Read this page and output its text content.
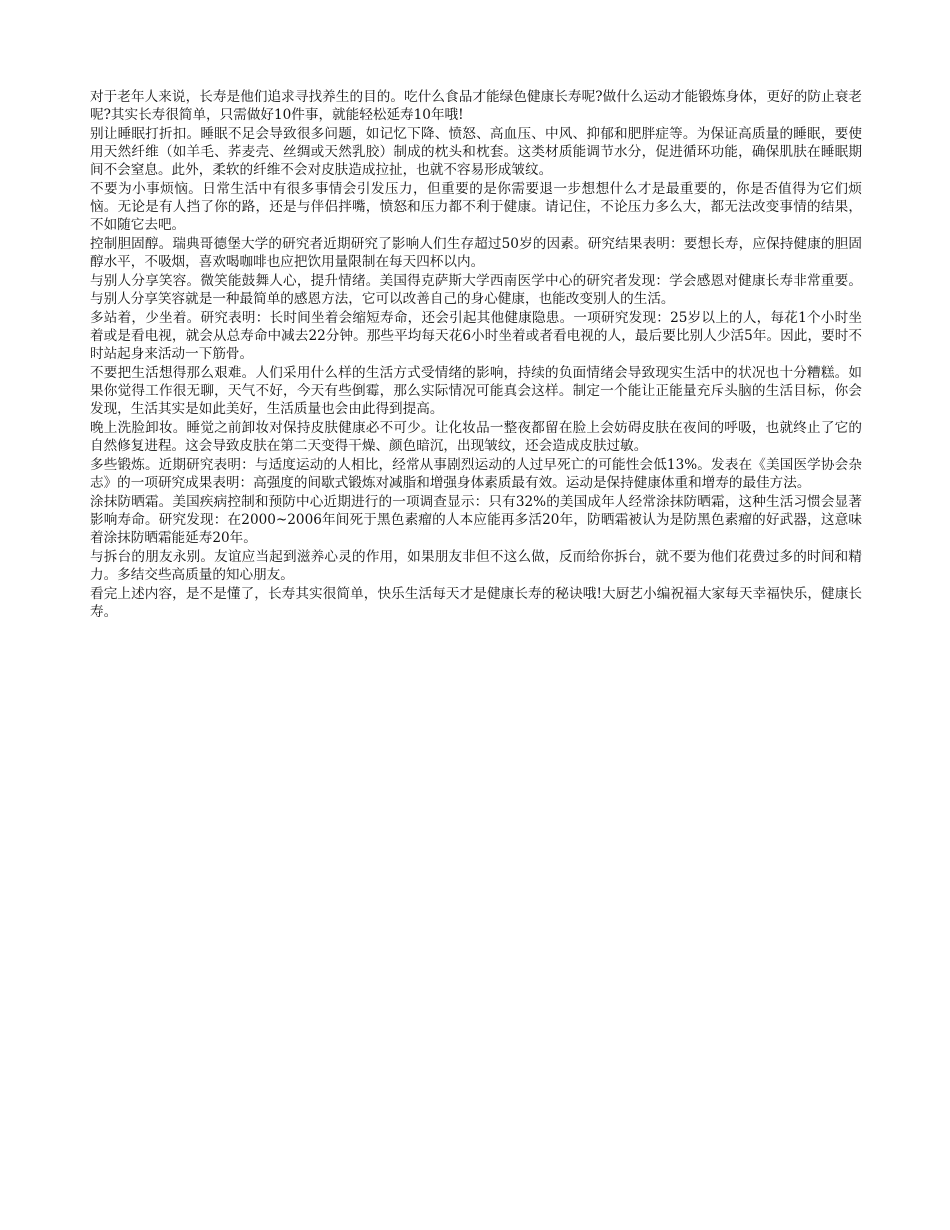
对于老年人来说，长寿是他们追求寻找养生的目的。吃什么食品才能绿色健康长寿呢?做什么运动才能锻炼身体，更好的防止衰老呢?其实长寿很简单，只需做好10件事，就能轻松延寿10年哦!

别让睡眠打折扣。睡眠不足会导致很多问题，如记忆下降、愤怒、高血压、中风、抑郁和肥胖症等。为保证高质量的睡眠，要使用天然纤维（如羊毛、荞麦壳、丝绸或天然乳胶）制成的枕头和枕套。这类材质能调节水分，促进循环功能，确保肌肤在睡眠期间不会窒息。此外，柔软的纤维不会对皮肤造成拉扯，也就不容易形成皱纹。

不要为小事烦恼。日常生活中有很多事情会引发压力，但重要的是你需要退一步想想什么才是最重要的，你是否值得为它们烦恼。无论是有人挡了你的路，还是与伴侣拌嘴，愤怒和压力都不利于健康。请记住，不论压力多么大，都无法改变事情的结果，不如随它去吧。

控制胆固醇。瑞典哥德堡大学的研究者近期研究了影响人们生存超过50岁的因素。研究结果表明：要想长寿，应保持健康的胆固醇水平，不吸烟，喜欢喝咖啡也应把饮用量限制在每天四杯以内。

与别人分享笑容。微笑能鼓舞人心，提升情绪。美国得克萨斯大学西南医学中心的研究者发现：学会感恩对健康长寿非常重要。与别人分享笑容就是一种最简单的感恩方法，它可以改善自己的身心健康，也能改变别人的生活。

多站着，少坐着。研究表明：长时间坐着会缩短寿命，还会引起其他健康隐患。一项研究发现：25岁以上的人，每花1个小时坐着或是看电视，就会从总寿命中减去22分钟。那些平均每天花6小时坐着或者看电视的人，最后要比别人少活5年。因此，要时不时站起身来活动一下筋骨。

不要把生活想得那么艰难。人们采用什么样的生活方式受情绪的影响，持续的负面情绪会导致现实生活中的状况也十分糟糕。如果你觉得工作很无聊，天气不好，今天有些倒霉，那么实际情况可能真会这样。制定一个能让正能量充斥头脑的生活目标，你会发现，生活其实是如此美好，生活质量也会由此得到提高。

晚上洗脸卸妆。睡觉之前卸妆对保持皮肤健康必不可少。让化妆品一整夜都留在脸上会妨碍皮肤在夜间的呼吸，也就终止了它的自然修复进程。这会导致皮肤在第二天变得干燥、颜色暗沉，出现皱纹，还会造成皮肤过敏。

多些锻炼。近期研究表明：与适度运动的人相比，经常从事剧烈运动的人过早死亡的可能性会低13%。发表在《美国医学协会杂志》的一项研究成果表明：高强度的间歇式锻炼对减脂和增强身体素质最有效。运动是保持健康体重和增寿的最佳方法。

涂抹防晒霜。美国疾病控制和预防中心近期进行的一项调查显示：只有32%的美国成年人经常涂抹防晒霜，这种生活习惯会显著影响寿命。研究发现：在2000~2006年间死于黑色素瘤的人本应能再多活20年，防晒霜被认为是防黑色素瘤的好武器，这意味着涂抹防晒霜能延寿20年。

与拆台的朋友永别。友谊应当起到滋养心灵的作用，如果朋友非但不这么做，反而给你拆台，就不要为他们花费过多的时间和精力。多结交些高质量的知心朋友。

看完上述内容，是不是懂了，长寿其实很简单，快乐生活每天才是健康长寿的秘诀哦!大厨艺小编祝福大家每天幸福快乐，健康长寿。
